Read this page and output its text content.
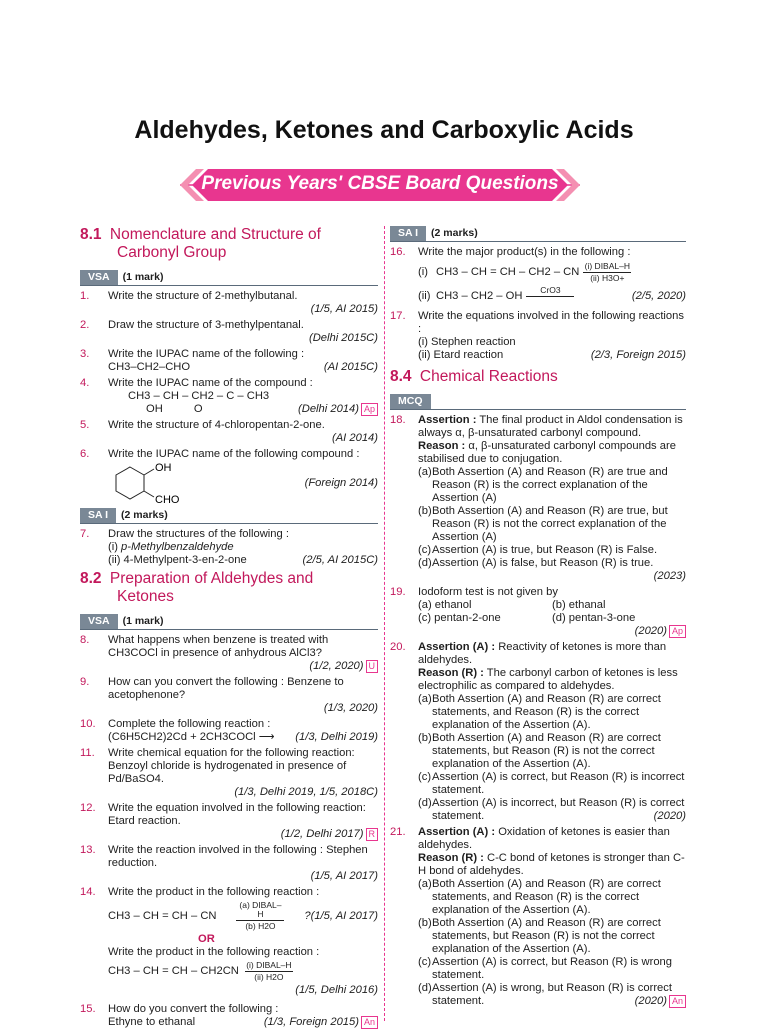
Aldehydes, Ketones and Carboxylic Acids
Previous Years' CBSE Board Questions
8.1 Nomenclature and Structure of
Carbonyl Group
VSA (1 mark)
1.	Write the structure of 2-methylbutanal.
(1/5, AI 2015)
2.	Draw the structure of 3-methylpentanal.
(Delhi 2015C)
3.	Write the IUPAC name of the following :
CH3–CH2–CHO	(AI 2015C)
4.	Write the IUPAC name of the compound :
CH3 – CH – CH2 – C – CH3
OH          O	(Delhi 2014) Ap
5.	Write the structure of 4-chloropentan-2-one.
(AI 2014)
6.	Write the IUPAC name of the following compound :
OH
CHO
(Foreign 2014)
SA I (2 marks)
7.	Draw the structures of the following :
(i) p-Methylbenzaldehyde
(ii) 4-Methylpent-3-en-2-one	(2/5, AI 2015C)
8.2 Preparation of Aldehydes and
Ketones
VSA (1 mark)
8.	What happens when benzene is treated with CH3COCl in presence of anhydrous AlCl3?
(1/2, 2020) U
9.	How can you convert the following : Benzene to acetophenone?
(1/3, 2020)
10.	Complete the following reaction :
(C6H5CH2)2Cd + 2CH3COCl ⟶ (1/3, Delhi 2019)
11.	Write chemical equation for the following reaction: Benzoyl chloride is hydrogenated in presence of Pd/BaSO4.
(1/3, Delhi 2019, 1/5, 2018C)
12.	Write the equation involved in the following reaction: Etard reaction.
(1/2, Delhi 2017) R
13.	Write the reaction involved in the following : Stephen reduction.
(1/5, AI 2017)
14.	Write the product in the following reaction :
CH3 – CH = CH – CN
(a) DIBAL–H
(b) H2O
?(1/5, AI 2017)
OR
Write the product in the following reaction :
CH3 – CH = CH – CH2CN (i) DIBAL–H
(ii) H2O
(1/5, Delhi 2016)
15.	How do you convert the following :
Ethyne to ethanal	(1/3, Foreign 2015) An
SA I (2 marks)
16.	Write the major product(s) in the following :
(i) CH3 – CH = CH – CH2 – CN (i) DIBAL–H
(ii) H3O+
(ii) CH3 – CH2 – OH	CrO3
	(2/5, 2020)
17.	Write the equations involved in the following reactions :
(i) Stephen reaction
(ii) Etard reaction	(2/3, Foreign 2015)
8.4 Chemical Reactions
MCQ
18.	Assertion : The final product in Aldol condensation is always α, β-unsaturated carbonyl compound.
Reason : α, β-unsaturated carbonyl compounds are stabilised due to conjugation.
(a) Both Assertion (A) and Reason (R) are true and Reason (R) is the correct explanation of the Assertion (A)
(b) Both Assertion (A) and Reason (R) are true, but Reason (R) is not the correct explanation of the Assertion (A)
(c) Assertion (A) is true, but Reason (R) is False.
(d) Assertion (A) is false, but Reason (R) is true.
(2023)
19.	Iodoform test is not given by
(a) ethanol	(b) ethanal
(c) pentan-2-one	(d) pentan-3-one
(2020) Ap
20.	Assertion (A) : Reactivity of ketones is more than aldehydes.
Reason (R) : The carbonyl carbon of ketones is less electrophilic as compared to aldehydes.
(a) Both Assertion (A) and Reason (R) are correct statements, and Reason (R) is the correct explanation of the Assertion (A).
(b) Both Assertion (A) and Reason (R) are correct statements, but Reason (R) is not the correct explanation of the Assertion (A).
(c) Assertion (A) is correct, but Reason (R) is incorrect statement.
(d) Assertion (A) is incorrect, but Reason (R) is correct statement.	(2020)
21.	Assertion (A) : Oxidation of ketones is easier than aldehydes.
Reason (R) : C-C bond of ketones is stronger than C-H bond of aldehydes.
(a) Both Assertion (A) and Reason (R) are correct statements, and Reason (R) is the correct explanation of the Assertion (A).
(b) Both Assertion (A) and Reason (R) are correct statements, but Reason (R) is not the correct explanation of the Assertion (A).
(c) Assertion (A) is correct, but Reason (R) is wrong statement.
(d) Assertion (A) is wrong, but Reason (R) is correct statement.	(2020) An
